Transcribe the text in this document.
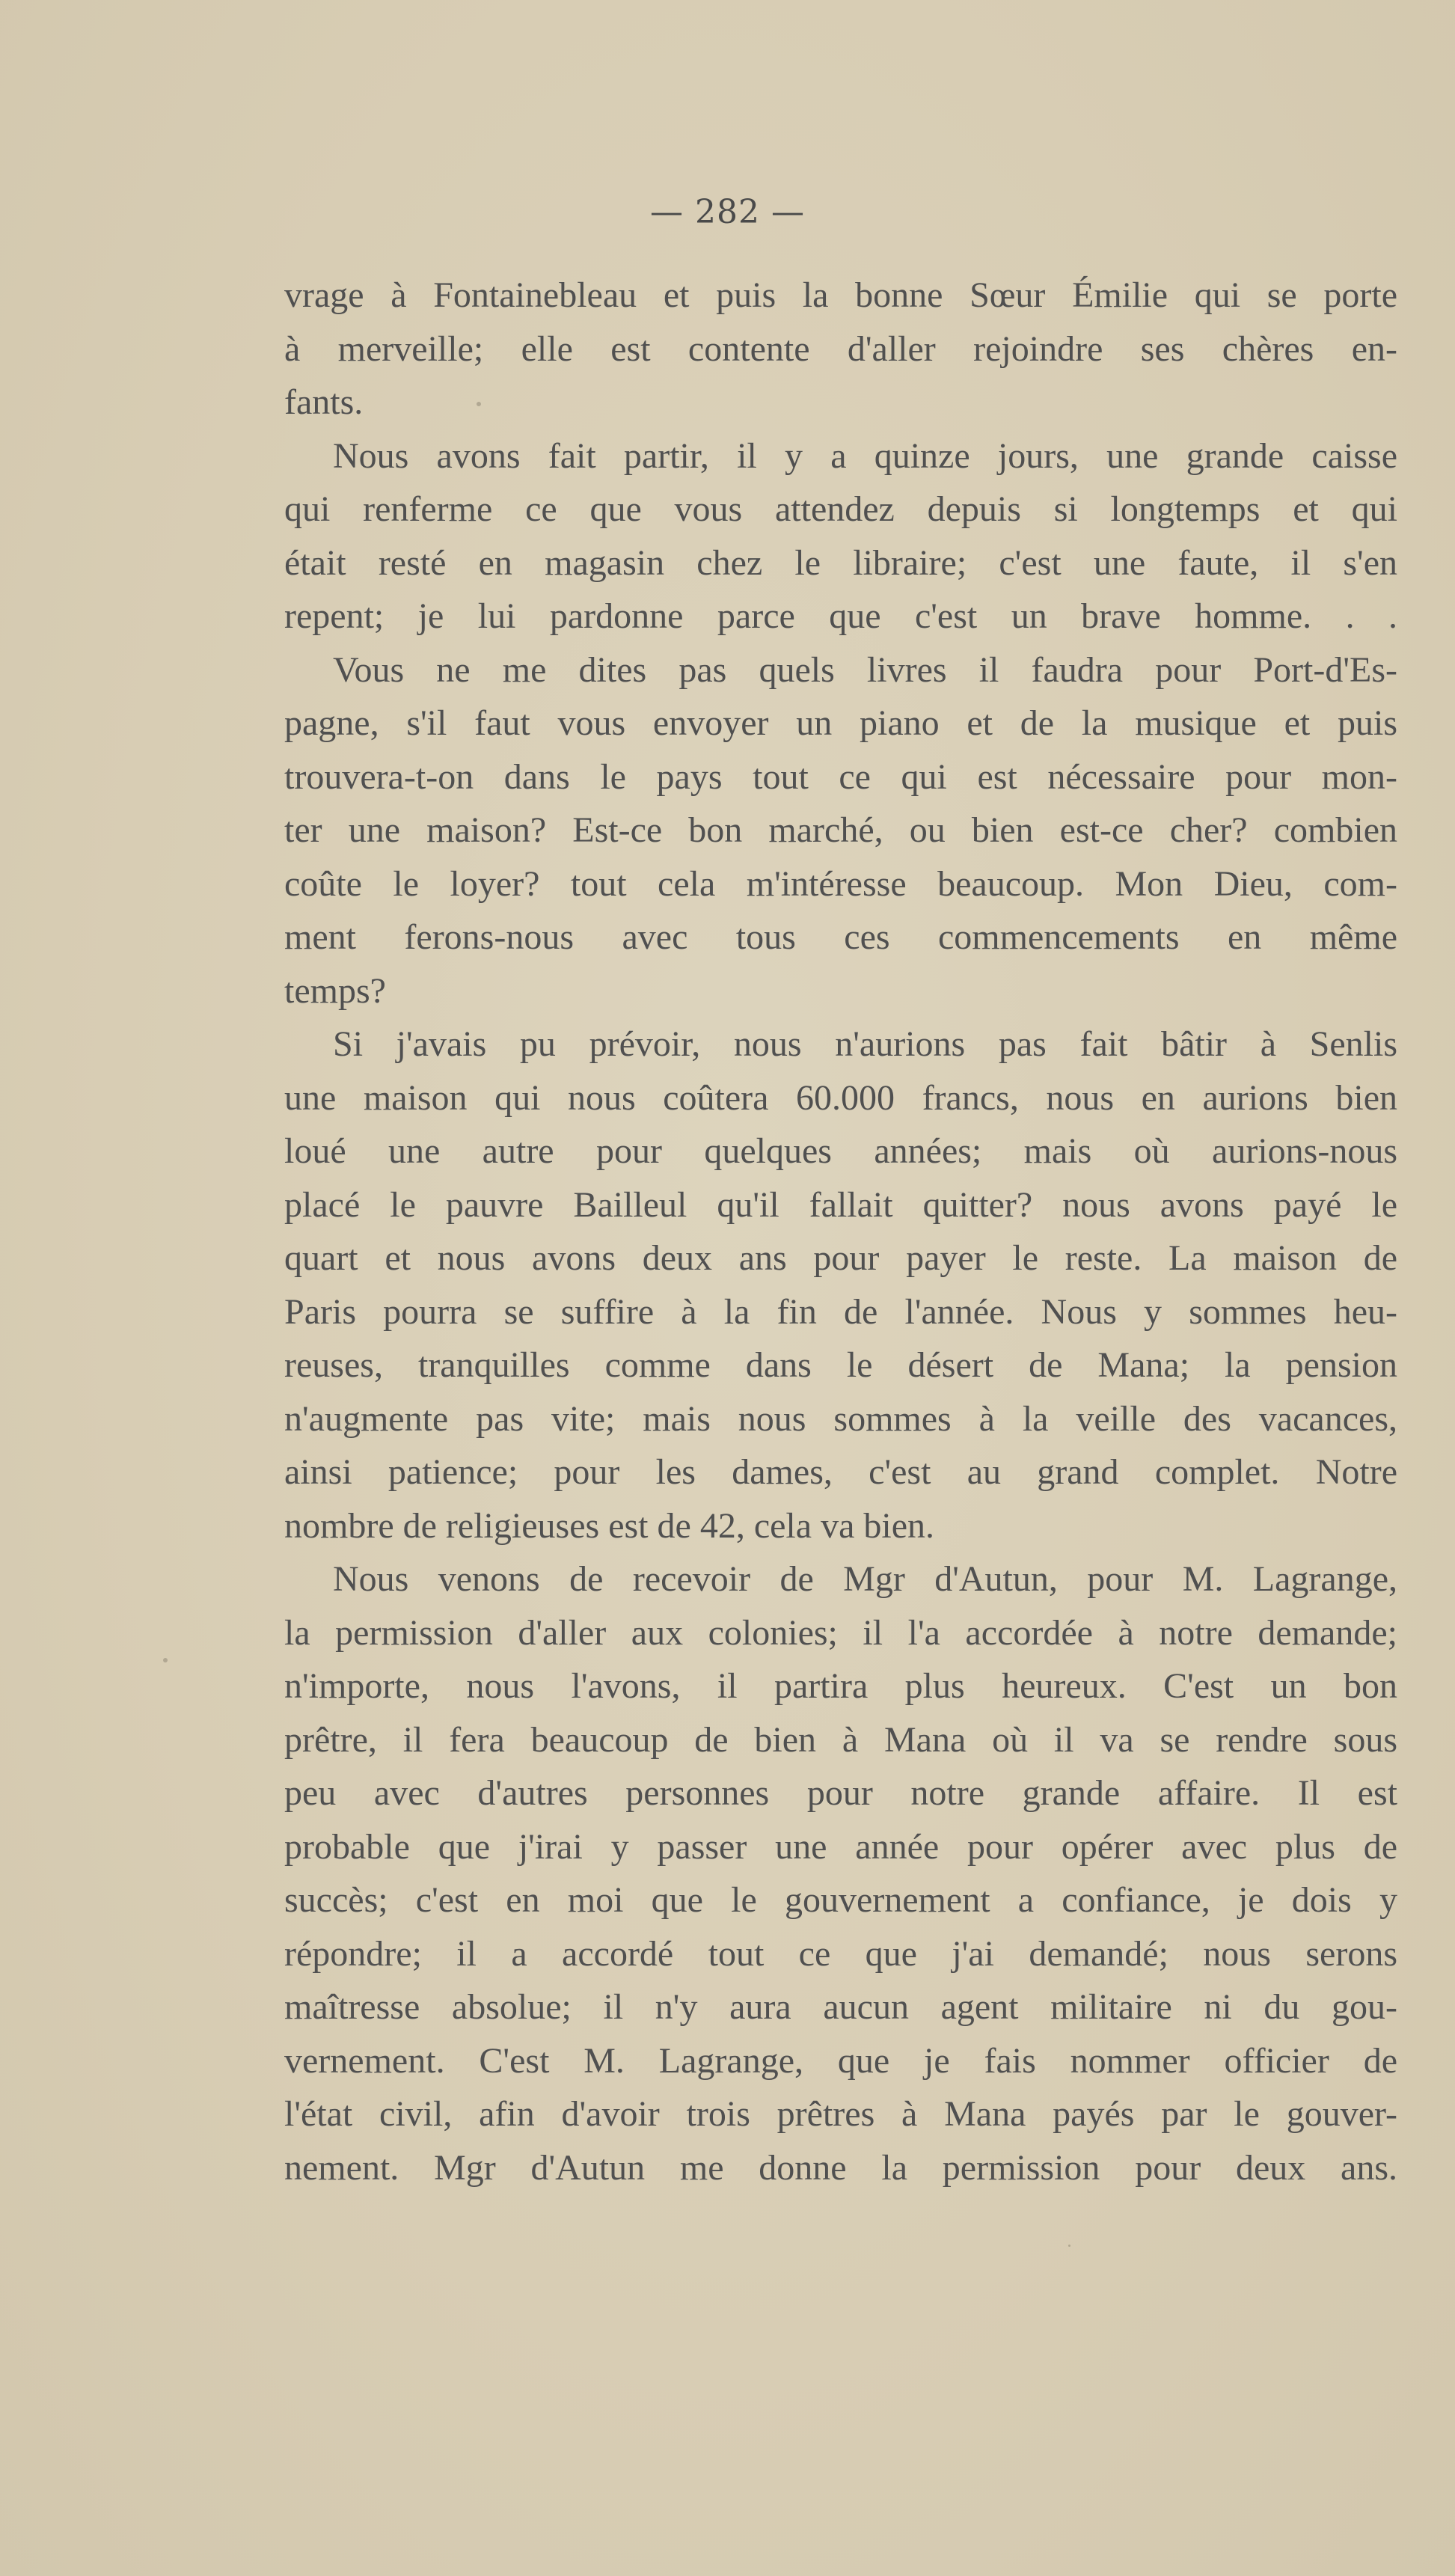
— 282 —
vrage à Fontainebleau et puis la bonne Sœur Émilie qui se porte
à merveille; elle est contente d'aller rejoindre ses chères en-
fants.
Nous avons fait partir, il y a quinze jours, une grande caisse
qui renferme ce que vous attendez depuis si longtemps et qui
était resté en magasin chez le libraire; c'est une faute, il s'en
repent; je lui pardonne parce que c'est un brave homme. . .
Vous ne me dites pas quels livres il faudra pour Port-d'Es-
pagne, s'il faut vous envoyer un piano et de la musique et puis
trouvera-t-on dans le pays tout ce qui est nécessaire pour mon-
ter une maison? Est-ce bon marché, ou bien est-ce cher? combien
coûte le loyer? tout cela m'intéresse beaucoup. Mon Dieu, com-
ment ferons-nous avec tous ces commencements en même
temps?
Si j'avais pu prévoir, nous n'aurions pas fait bâtir à Senlis
une maison qui nous coûtera 60.000 francs, nous en aurions bien
loué une autre pour quelques années; mais où aurions-nous
placé le pauvre Bailleul qu'il fallait quitter? nous avons payé le
quart et nous avons deux ans pour payer le reste. La maison de
Paris pourra se suffire à la fin de l'année. Nous y sommes heu-
reuses, tranquilles comme dans le désert de Mana; la pension
n'augmente pas vite; mais nous sommes à la veille des vacances,
ainsi patience; pour les dames, c'est au grand complet. Notre
nombre de religieuses est de 42, cela va bien.
Nous venons de recevoir de Mgr d'Autun, pour M. Lagrange,
la permission d'aller aux colonies; il l'a accordée à notre demande;
n'importe, nous l'avons, il partira plus heureux. C'est un bon
prêtre, il fera beaucoup de bien à Mana où il va se rendre sous
peu avec d'autres personnes pour notre grande affaire. Il est
probable que j'irai y passer une année pour opérer avec plus de
succès; c'est en moi que le gouvernement a confiance, je dois y
répondre; il a accordé tout ce que j'ai demandé; nous serons
maîtresse absolue; il n'y aura aucun agent militaire ni du gou-
vernement. C'est M. Lagrange, que je fais nommer officier de
l'état civil, afin d'avoir trois prêtres à Mana payés par le gouver-
nement. Mgr d'Autun me donne la permission pour deux ans.
